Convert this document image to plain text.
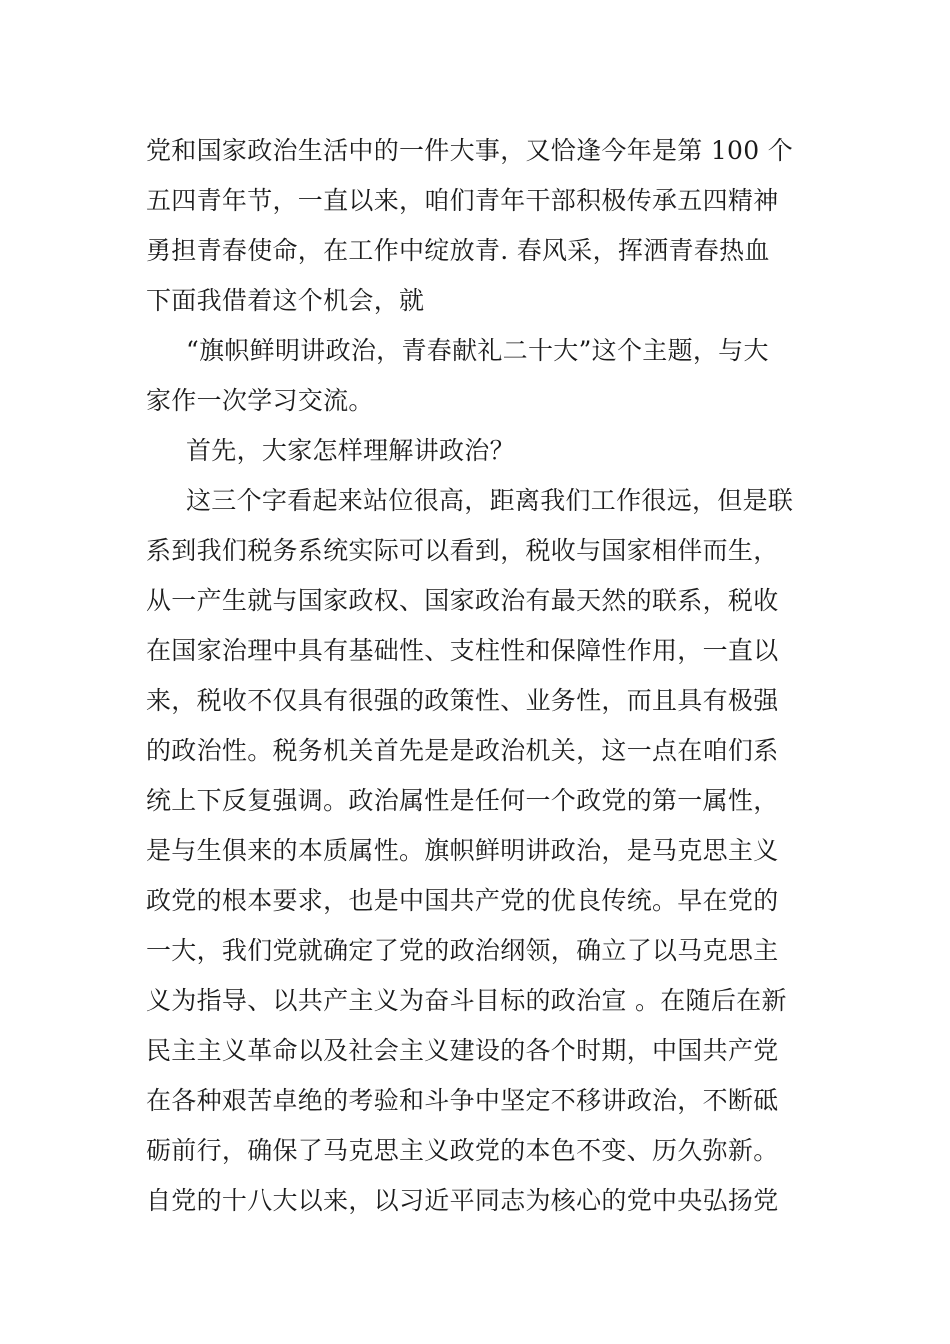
党和国家政治生活中的一件大事，又恰逢今年是第 100 个
五四青年节，一直以来，咱们青年干部积极传承五四精神
勇担青春使命，在工作中绽放青. 春风采，挥洒青春热血
下面我借着这个机会，就
“旗帜鲜明讲政治，青春献礼二十大”这个主题，与大
家作一次学习交流。
首先，大家怎样理解讲政治？
这三个字看起来站位很高，距离我们工作很远，但是联
系到我们税务系统实际可以看到，税收与国家相伴而生，
从一产生就与国家政权、国家政治有最天然的联系，税收
在国家治理中具有基础性、支柱性和保障性作用，一直以
来，税收不仅具有很强的政策性、业务性，而且具有极强
的政治性。税务机关首先是是政治机关，这一点在咱们系
统上下反复强调。政治属性是任何一个政党的第一属性，
是与生俱来的本质属性。旗帜鲜明讲政治，是马克思主义
政党的根本要求，也是中国共产党的优良传统。早在党的
一大，我们党就确定了党的政治纲领，确立了以马克思主
义为指导、以共产主义为奋斗目标的政治宣 。在随后在新
民主主义革命以及社会主义建设的各个时期，中国共产党
在各种艰苦卓绝的考验和斗争中坚定不移讲政治，不断砥
砺前行，确保了马克思主义政党的本色不变、历久弥新。
自党的十八大以来，以习近平同志为核心的党中央弘扬党
